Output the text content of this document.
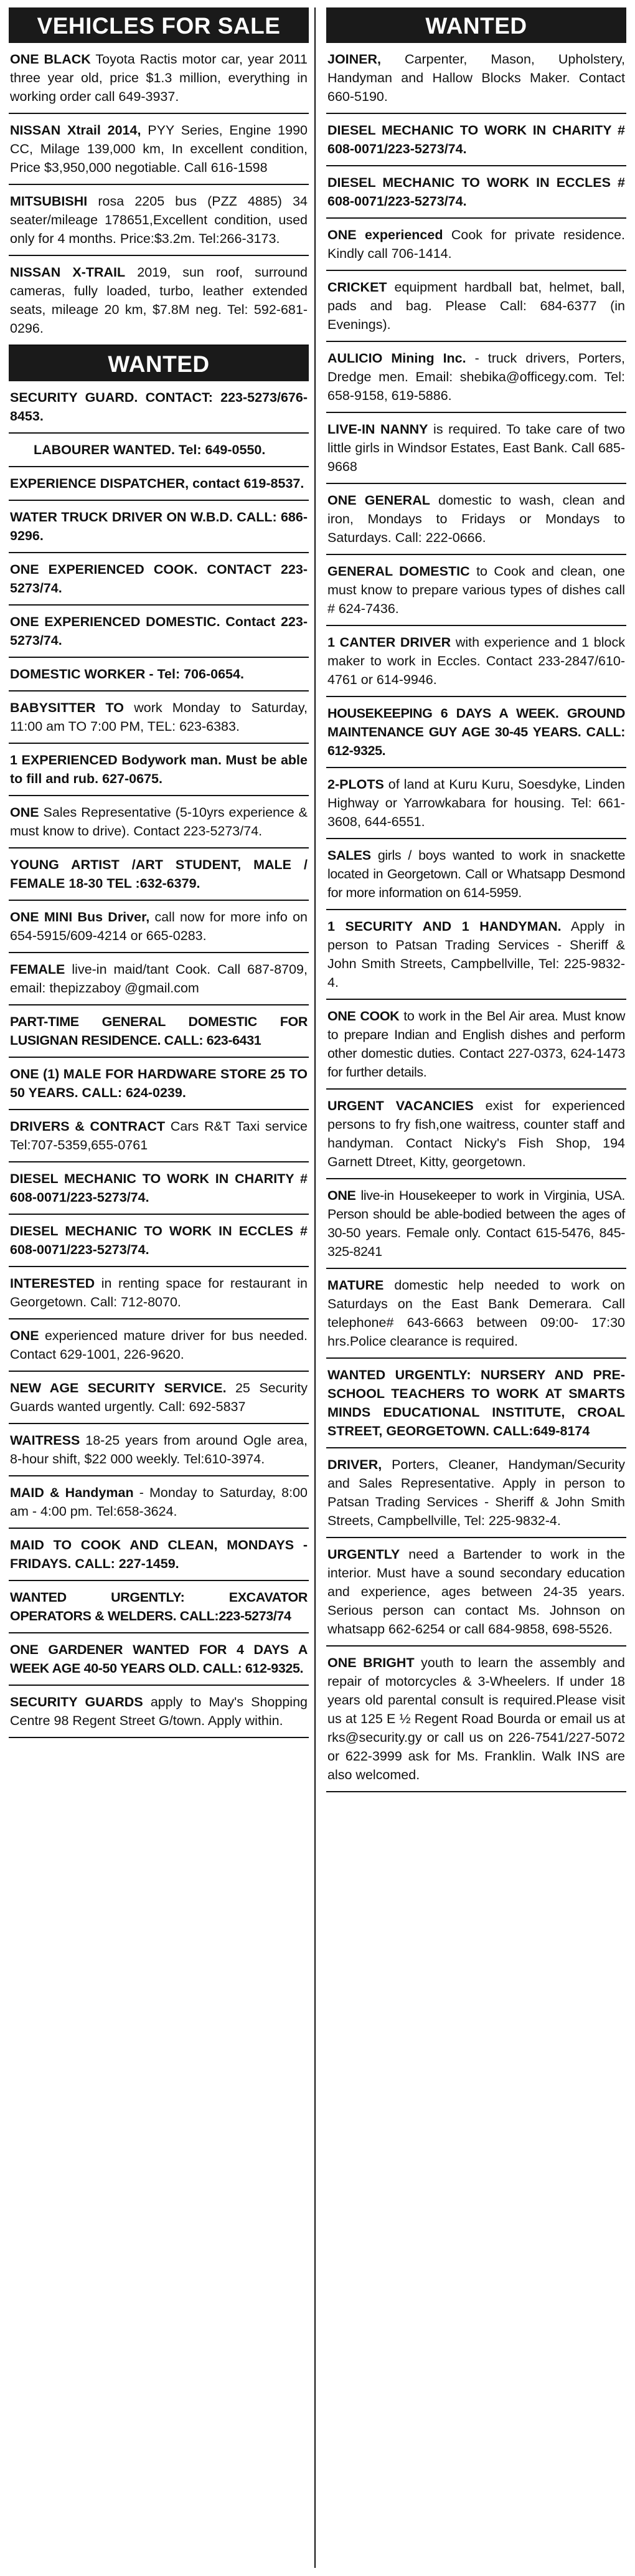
VEHICLES FOR SALE
ONE BLACK Toyota Ractis motor car, year 2011 three year old, price $1.3 million, everything in working order call 649-3937.
NISSAN Xtrail 2014, PYY Series, Engine 1990 CC, Milage 139,000 km, In excellent condition, Price $3,950,000 negotiable. Call 616-1598
MITSUBISHI rosa 2205 bus (PZZ 4885) 34 seater/mileage 178651,Excellent condition, used only for 4 months. Price:$3.2m. Tel:266-3173.
NISSAN X-TRAIL 2019, sun roof, surround cameras, fully loaded, turbo, leather extended seats, mileage 20 km, $7.8M neg. Tel: 592-681-0296.
WANTED
SECURITY GUARD. CONTACT: 223-5273/676-8453.
LABOURER WANTED. Tel: 649-0550.
EXPERIENCE DISPATCHER, contact 619-8537.
WATER TRUCK DRIVER ON W.B.D. CALL: 686-9296.
ONE EXPERIENCED COOK. CONTACT 223-5273/74.
ONE EXPERIENCED DOMESTIC. Contact 223-5273/74.
DOMESTIC WORKER - Tel: 706-0654.
BABYSITTER TO work Monday to Saturday, 11:00 am TO 7:00 PM, TEL: 623-6383.
1 EXPERIENCED Bodywork man. Must be able to fill and rub. 627-0675.
ONE Sales Representative (5-10yrs experience & must know to drive). Contact 223-5273/74.
YOUNG ARTIST /ART STUDENT, MALE / FEMALE 18-30 TEL :632-6379.
ONE MINI Bus Driver, call now for more info on 654-5915/609-4214 or 665-0283.
FEMALE live-in maid/tant Cook. Call 687-8709, email: thepizzaboy @gmail.com
PART-TIME GENERAL DOMESTIC FOR LUSIGNAN RESIDENCE. CALL: 623-6431
ONE (1) MALE FOR HARDWARE STORE 25 TO 50 YEARS. CALL: 624-0239.
DRIVERS & CONTRACT Cars R&T Taxi service Tel:707-5359,655-0761
DIESEL MECHANIC TO WORK IN CHARITY # 608-0071/223-5273/74.
DIESEL MECHANIC TO WORK IN ECCLES # 608-0071/223-5273/74.
INTERESTED in renting space for restaurant in Georgetown. Call: 712-8070.
ONE experienced mature driver for bus needed. Contact 629-1001, 226-9620.
NEW AGE SECURITY SERVICE. 25 Security Guards wanted urgently. Call: 692-5837
WAITRESS 18-25 years from around Ogle area, 8-hour shift, $22 000 weekly. Tel:610-3974.
MAID & Handyman - Monday to Saturday, 8:00 am - 4:00 pm. Tel:658-3624.
MAID TO COOK AND CLEAN, MONDAYS - FRIDAYS. CALL: 227-1459.
WANTED URGENTLY: EXCAVATOR OPERATORS & WELDERS. CALL:223-5273/74
ONE GARDENER WANTED FOR 4 DAYS A WEEK AGE 40-50 YEARS OLD. CALL: 612-9325.
SECURITY GUARDS apply to May's Shopping Centre 98 Regent Street G/town. Apply within.
WANTED
JOINER, Carpenter, Mason, Upholstery, Handyman and Hallow Blocks Maker. Contact 660-5190.
DIESEL MECHANIC TO WORK IN CHARITY # 608-0071/223-5273/74.
DIESEL MECHANIC TO WORK IN ECCLES # 608-0071/223-5273/74.
ONE experienced Cook for private residence. Kindly call 706-1414.
CRICKET equipment hardball bat, helmet, ball, pads and bag. Please Call: 684-6377 (in Evenings).
AULICIO Mining Inc. - truck drivers, Porters, Dredge men. Email: shebika@officegy.com. Tel: 658-9158, 619-5886.
LIVE-IN NANNY is required. To take care of two little girls in Windsor Estates, East Bank. Call 685-9668
ONE GENERAL domestic to wash, clean and iron, Mondays to Fridays or Mondays to Saturdays. Call: 222-0666.
GENERAL DOMESTIC to Cook and clean, one must know to prepare various types of dishes call # 624-7436.
1 CANTER DRIVER with experience and 1 block maker to work in Eccles. Contact 233-2847/610-4761 or 614-9946.
HOUSEKEEPING 6 DAYS A WEEK. GROUND MAINTENANCE GUY AGE 30-45 YEARS. CALL: 612-9325.
2-PLOTS of land at Kuru Kuru, Soesdyke, Linden Highway or Yarrowkabara for housing. Tel: 661-3608, 644-6551.
SALES girls / boys wanted to work in snackette located in Georgetown. Call or Whatsapp Desmond for more information on 614-5959.
1 SECURITY AND 1 HANDYMAN. Apply in person to Patsan Trading Services - Sheriff & John Smith Streets, Campbellville, Tel: 225-9832-4.
ONE COOK to work in the Bel Air area. Must know to prepare Indian and English dishes and perform other domestic duties. Contact 227-0373, 624-1473 for further details.
URGENT VACANCIES exist for experienced persons to fry fish,one waitress, counter staff and handyman. Contact Nicky's Fish Shop, 194 Garnett Dtreet, Kitty, georgetown.
ONE live-in Housekeeper to work in Virginia, USA. Person should be able-bodied between the ages of 30-50 years. Female only. Contact 615-5476, 845-325-8241
MATURE domestic help needed to work on Saturdays on the East Bank Demerara. Call telephone# 643-6663 between 09:00- 17:30 hrs.Police clearance is required.
WANTED URGENTLY: NURSERY AND PRE-SCHOOL TEACHERS TO WORK AT SMARTS MINDS EDUCATIONAL INSTITUTE, CROAL STREET, GEORGETOWN. CALL:649-8174
DRIVER, Porters, Cleaner, Handyman/Security and Sales Representative. Apply in person to Patsan Trading Services - Sheriff & John Smith Streets, Campbellville, Tel: 225-9832-4.
URGENTLY need a Bartender to work in the interior. Must have a sound secondary education and experience, ages between 24-35 years. Serious person can contact Ms. Johnson on whatsapp 662-6254 or call 684-9858, 698-5526.
ONE BRIGHT youth to learn the assembly and repair of motorcycles & 3-Wheelers. If under 18 years old parental consult is required.Please visit us at 125 E ½ Regent Road Bourda or email us at rks@security.gy or call us on 226-7541/227-5072 or 622-3999 ask for Ms. Franklin. Walk INS are also welcomed.
